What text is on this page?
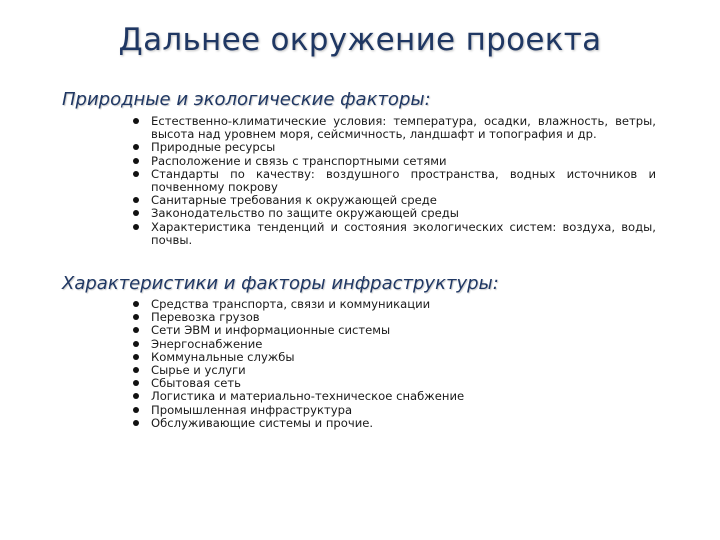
Дальнее окружение проекта
Природные и экологические факторы:
Естественно-климатические условия: температура, осадки, влажность, ветры, высота над уровнем моря, сейсмичность, ландшафт и топография и др.
Природные ресурсы
Расположение и связь с транспортными сетями
Стандарты по качеству: воздушного пространства, водных источников и почвенному покрову
Санитарные требования к окружающей среде
Законодательство по защите окружающей среды
Характеристика тенденций и состояния экологических систем: воздуха, воды, почвы.
Характеристики и факторы инфраструктуры:
Средства транспорта, связи и коммуникации
Перевозка грузов
Сети ЭВМ и информационные системы
Энергоснабжение
Коммунальные службы
Сырье и услуги
Сбытовая сеть
Логистика и материально-техническое снабжение
Промышленная инфраструктура
Обслуживающие системы и прочие.
